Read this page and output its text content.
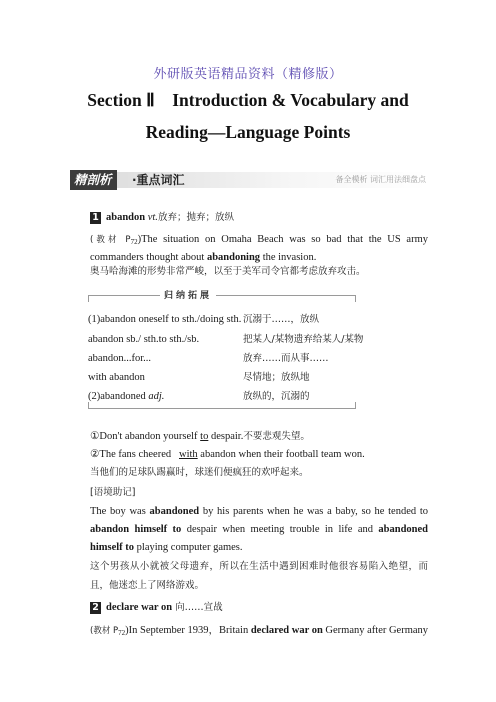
外研版英语精品资料（精修版）
Section Ⅱ　Introduction & Vocabulary and
Reading—Language Points
精剖析	·重点词汇	备全模析 词汇用法细盘点
1 abandon vt.放弃；抛弃；放纵
(教材 P72)The situation on Omaha Beach was so bad that the US army commanders thought about abandoning the invasion.
奥马哈海滩的形势非常严峻，以至于美军司令官都考虑放弃攻击。
归纳拓展
(1)abandon oneself to sth./doing sth. 沉溺于……，放纵
abandon sb./ sth.to sth./sb.	把某人/某物遗弃给某人/某物
abandon...for...	放弃……而从事……
with abandon	尽情地；放纵地
(2)abandoned adj.	放纵的，沉溺的
①Don't abandon yourself to despair.不要悲观失望。
②The fans cheered with abandon when their football team won.
当他们的足球队踢赢时，球迷们便疯狂的欢呼起来。
[语境助记]
The boy was abandoned by his parents when he was a baby, so he tended to abandon himself to despair when meeting trouble in life and abandoned himself to playing computer games.
这个男孩从小就被父母遗弃，所以在生活中遇到困难时他很容易陷入绝望，而且，他迷恋上了网络游戏。
2 declare war on 向……宣战
(教材 P72)In September 1939，Britain declared war on Germany after Germany
